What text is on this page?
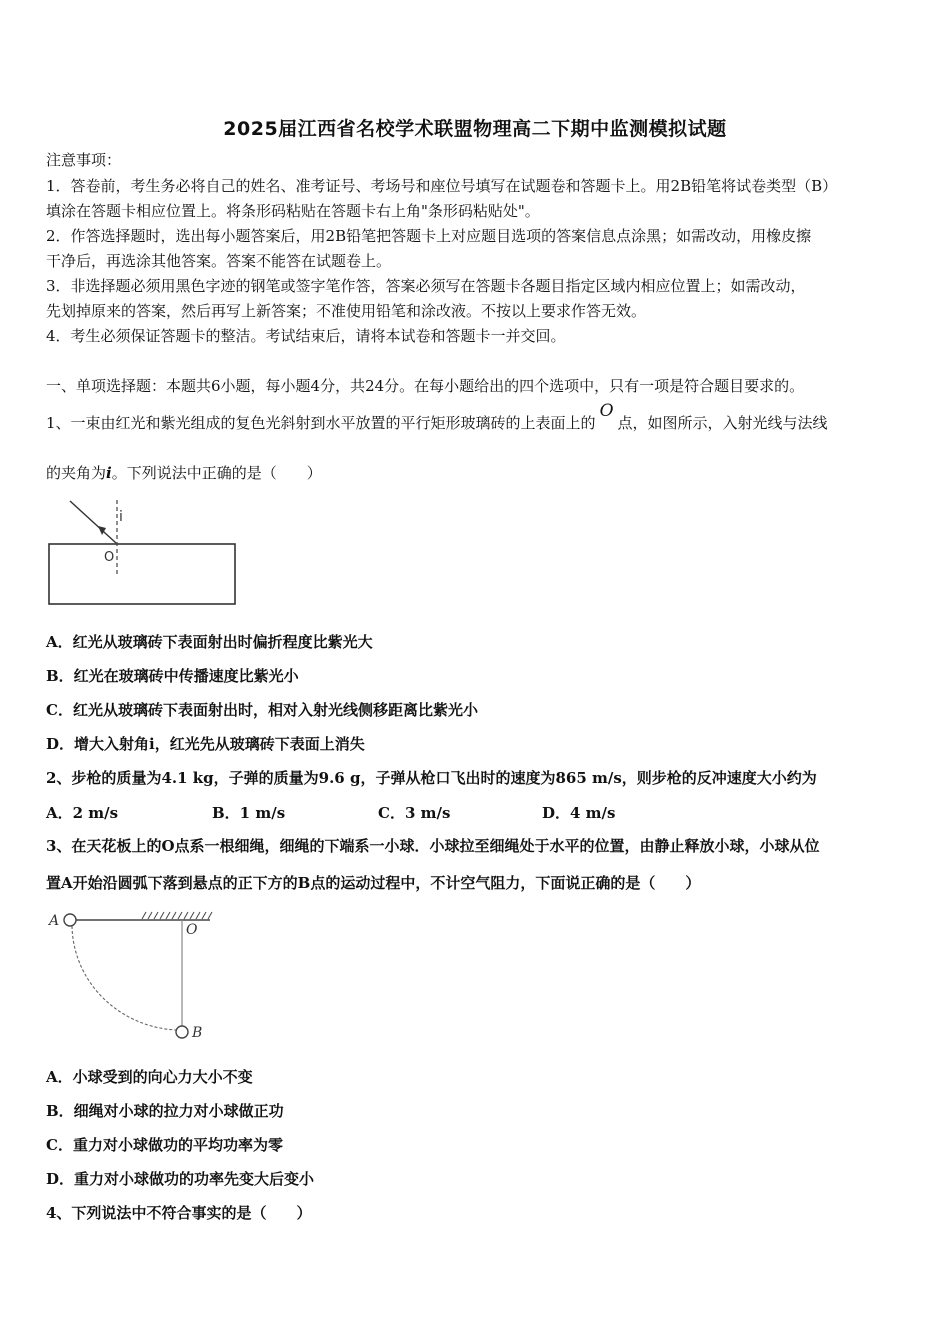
2025届江西省名校学术联盟物理高二下期中监测模拟试题
注意事项：
1．答卷前，考生务必将自己的姓名、准考证号、考场号和座位号填写在试题卷和答题卡上。用2B铅笔将试卷类型（B）
填涂在答题卡相应位置上。将条形码粘贴在答题卡右上角"条形码粘贴处"。
2．作答选择题时，选出每小题答案后，用2B铅笔把答题卡上对应题目选项的答案信息点涂黑；如需改动，用橡皮擦
干净后，再选涂其他答案。答案不能答在试题卷上。
3．非选择题必须用黑色字迹的钢笔或签字笔作答，答案必须写在答题卡各题目指定区域内相应位置上；如需改动，
先划掉原来的答案，然后再写上新答案；不准使用铅笔和涂改液。不按以上要求作答无效。
4．考生必须保证答题卡的整洁。考试结束后，请将本试卷和答题卡一并交回。
一、单项选择题：本题共6小题，每小题4分，共24分。在每小题给出的四个选项中，只有一项是符合题目要求的。
1、一束由红光和紫光组成的复色光斜射到水平放置的平行矩形玻璃砖的上表面上的O点，如图所示，入射光线与法线
的夹角为i。下列说法中正确的是（　　）
i
O
A．红光从玻璃砖下表面射出时偏折程度比紫光大
B．红光在玻璃砖中传播速度比紫光小
C．红光从玻璃砖下表面射出时，相对入射光线侧移距离比紫光小
D．增大入射角i，红光先从玻璃砖下表面上消失
2、步枪的质量为4.1 kg，子弹的质量为9.6 g，子弹从枪口飞出时的速度为865 m/s，则步枪的反冲速度大小约为
A．2 m/s	B．1 m/s	C．3 m/s	D．4 m/s
3、在天花板上的O点系一根细绳，细绳的下端系一小球．小球拉至细绳处于水平的位置，由静止释放小球，小球从位
置A开始沿圆弧下落到悬点的正下方的B点的运动过程中，不计空气阻力，下面说正确的是（　　）
A
O
B
A．小球受到的向心力大小不变
B．细绳对小球的拉力对小球做正功
C．重力对小球做功的平均功率为零
D．重力对小球做功的功率先变大后变小
4、下列说法中不符合事实的是（　　）
